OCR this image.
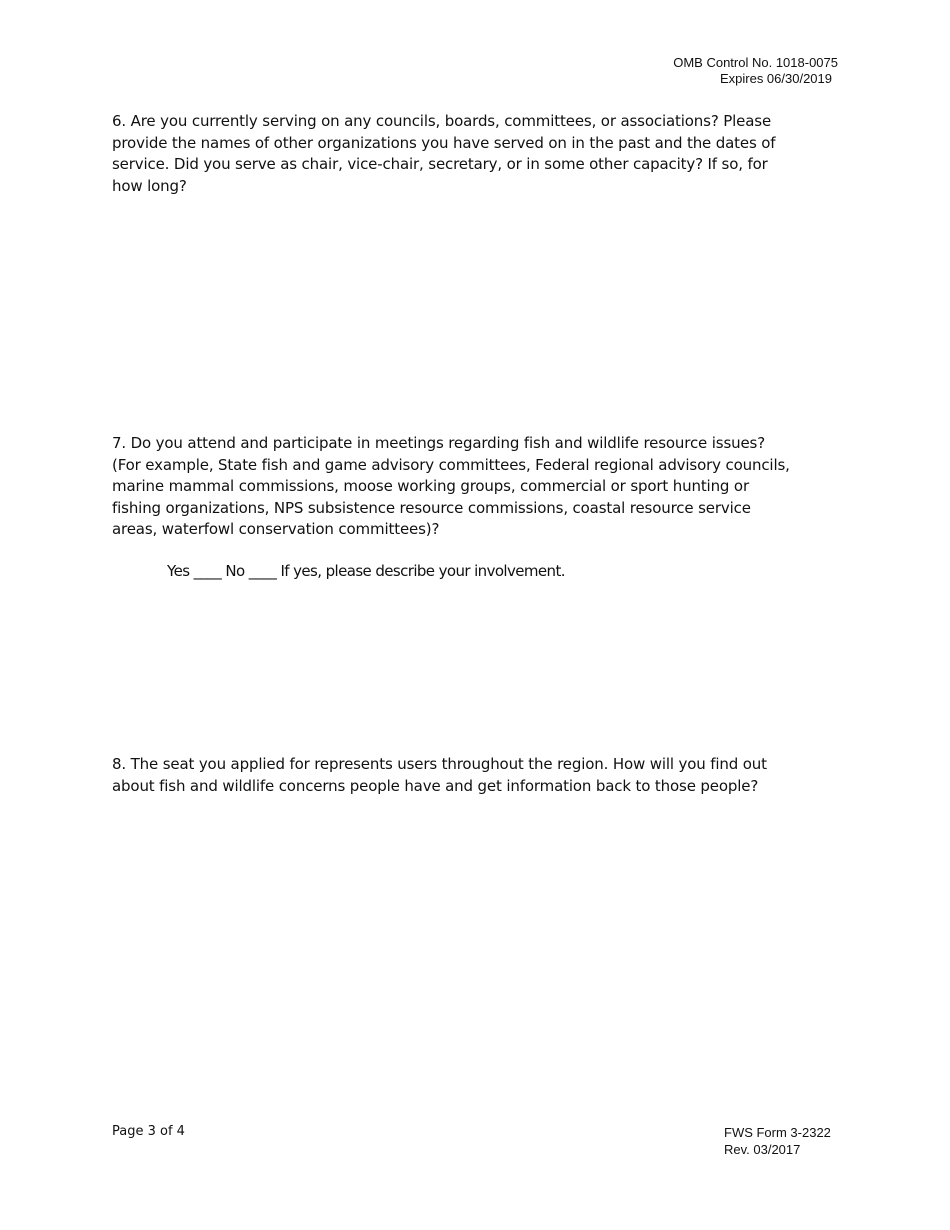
OMB Control No. 1018-0075
Expires 06/30/2019
6. Are you currently serving on any councils, boards, committees, or associations? Please
provide the names of other organizations you have served on in the past and the dates of
service. Did you serve as chair, vice-chair, secretary, or in some other capacity? If so, for
how long?
7. Do you attend and participate in meetings regarding fish and wildlife resource issues?
(For example, State fish and game advisory committees, Federal regional advisory councils,
marine mammal commissions, moose working groups, commercial or sport hunting or
fishing organizations, NPS subsistence resource commissions, coastal resource service
areas, waterfowl conservation committees)?
Yes ____ No ____ If yes, please describe your involvement.
8. The seat you applied for represents users throughout the region. How will you find out
about fish and wildlife concerns people have and get information back to those people?
Page 3 of 4	FWS Form 3-2322
Rev. 03/2017
